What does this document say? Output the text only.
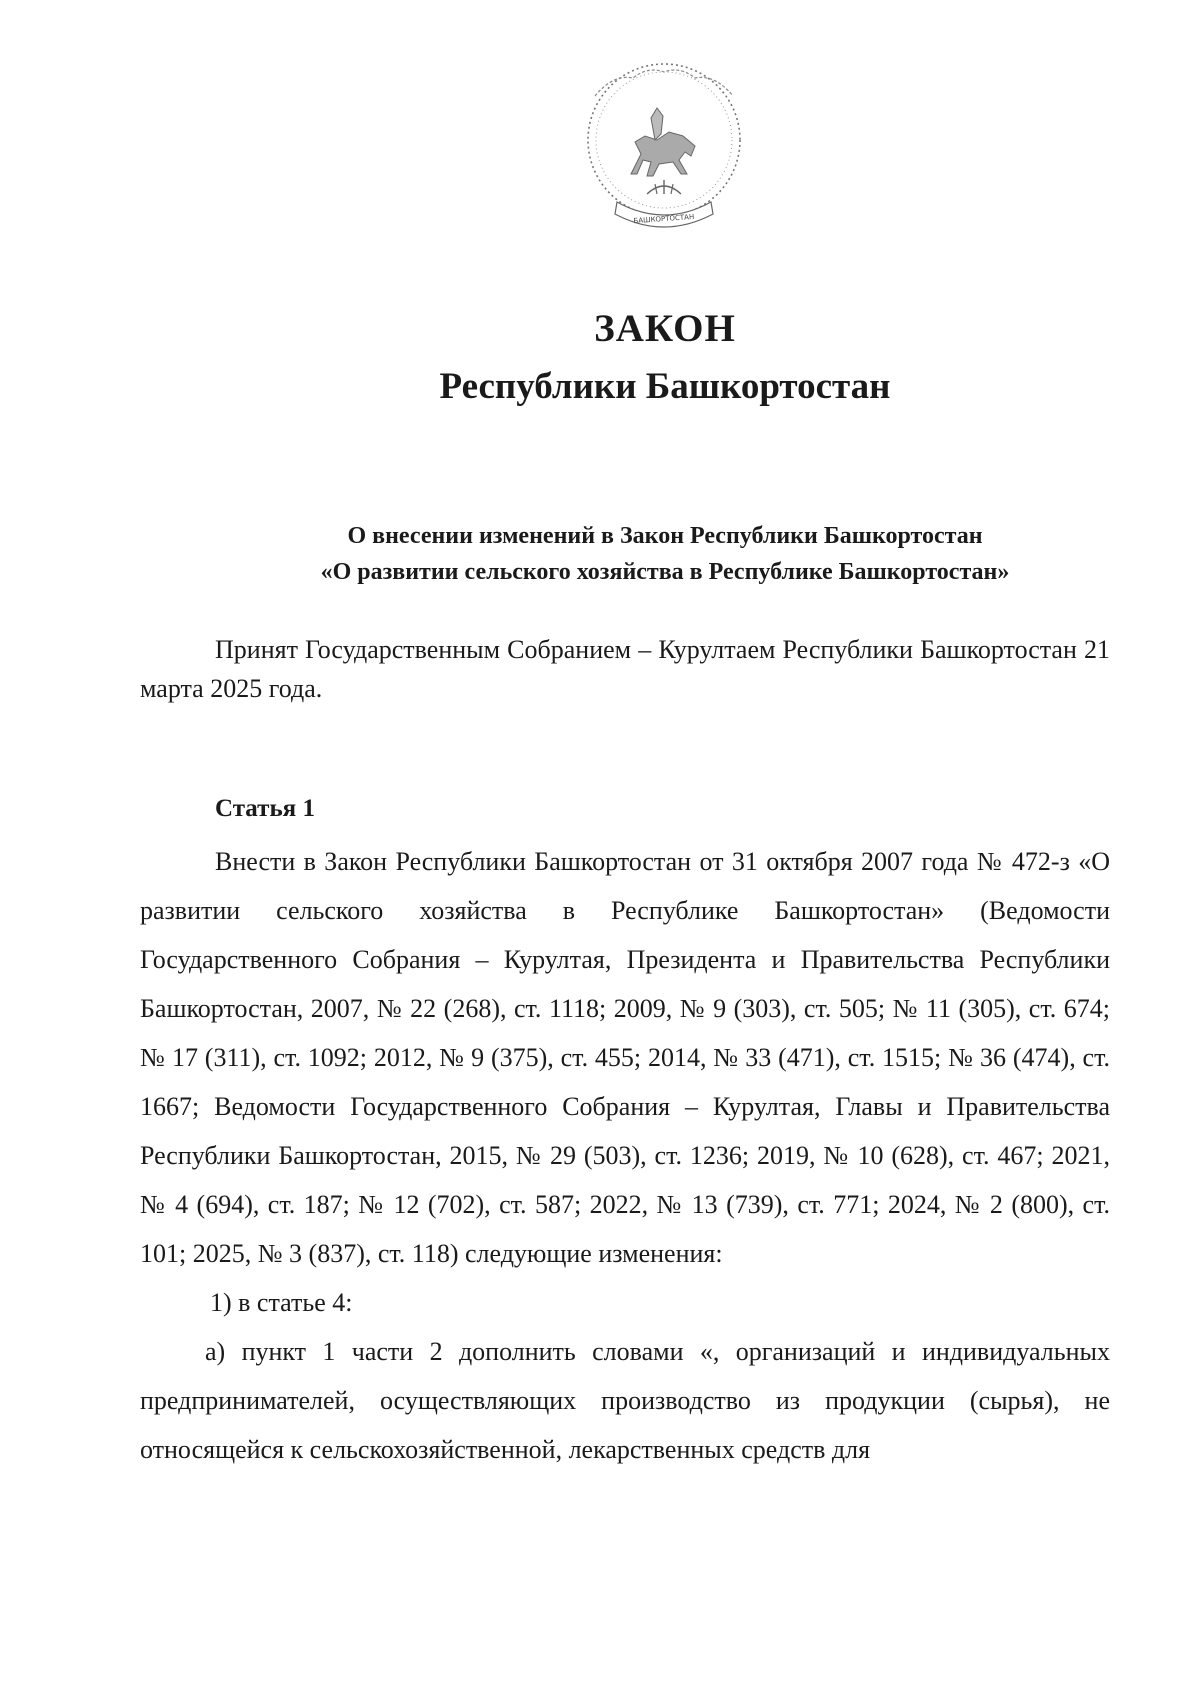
БАШКОРТОСТАН
ЗАКОН
Республики Башкортостан
О внесении изменений в Закон Республики Башкортостан
«О развитии сельского хозяйства в Республике Башкортостан»
Принят Государственным Собранием – Курултаем Республики Башкортостан 21 марта 2025 года.
Статья 1

Внести в Закон Республики Башкортостан от 31 октября 2007 года № 472-з «О развитии сельского хозяйства в Республике Башкортостан» (Ведомости Государственного Собрания – Курултая, Президента и Правительства Республики Башкортостан, 2007, № 22 (268), ст. 1118; 2009, № 9 (303), ст. 505; № 11 (305), ст. 674; № 17 (311), ст. 1092; 2012, № 9 (375), ст. 455; 2014, № 33 (471), ст. 1515; № 36 (474), ст. 1667; Ведомости Государственного Собрания – Курултая, Главы и Правительства Республики Башкортостан, 2015, № 29 (503), ст. 1236; 2019, № 10 (628), ст. 467; 2021, № 4 (694), ст. 187; № 12 (702), ст. 587; 2022, № 13 (739), ст. 771; 2024, № 2 (800), ст. 101; 2025, № 3 (837), ст. 118) следующие изменения:

1) в статье 4:

а) пункт 1 части 2 дополнить словами «, организаций и индивидуальных предпринимателей, осуществляющих производство из продукции (сырья), не относящейся к сельскохозяйственной, лекарственных средств для
